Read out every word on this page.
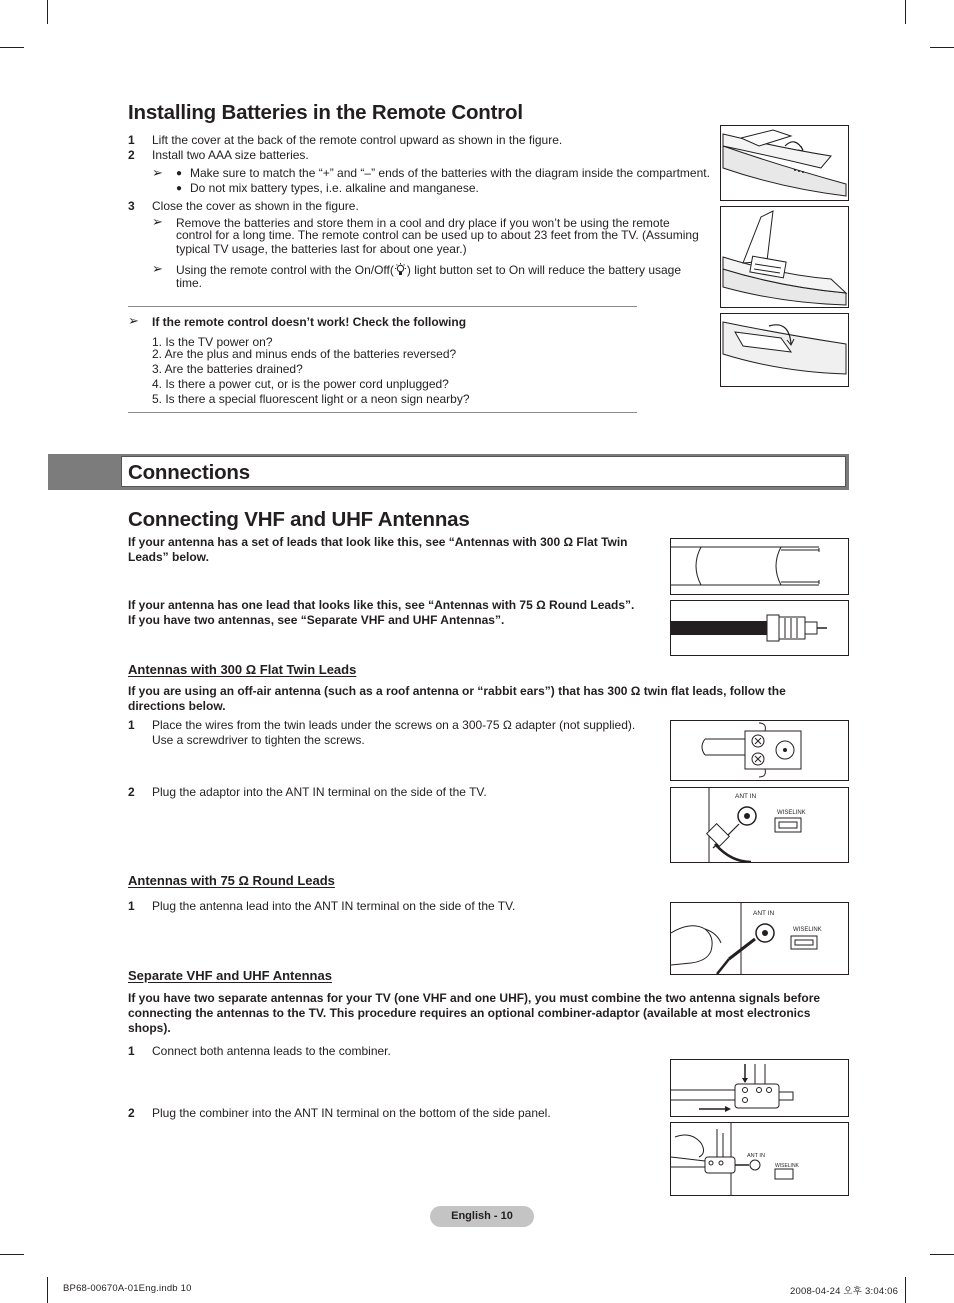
Installing Batteries in the Remote Control
1 Lift the cover at the back of the remote control upward as shown in the figure.
2 Install two AAA size batteries.
➢ ● Make sure to match the “+” and “–” ends of the batteries with the diagram inside the compartment.
● Do not mix battery types, i.e. alkaline and manganese.
3 Close the cover as shown in the figure.
➢ Remove the batteries and store them in a cool and dry place if you won’t be using the remote
control for a long time. The remote control can be used up to about 23 feet from the TV. (Assuming
typical TV usage, the batteries last for about one year.)
➢ Using the remote control with the On/Off( ) light button set to On will reduce the battery usage
time.
➢ If the remote control doesn’t work! Check the following
1. Is the TV power on?
2. Are the plus and minus ends of the batteries reversed?
3. Are the batteries drained?
4. Is there a power cut, or is the power cord unplugged?
5. Is there a special fluorescent light or a neon sign nearby?
Connections
Connecting VHF and UHF Antennas
If your antenna has a set of leads that look like this, see “Antennas with 300 Ω Flat Twin
Leads” below.
If your antenna has one lead that looks like this, see “Antennas with 75 Ω Round Leads”.
If you have two antennas, see “Separate VHF and UHF Antennas”.
Antennas with 300 Ω Flat Twin Leads
If you are using an off-air antenna (such as a roof antenna or “rabbit ears”) that has 300 Ω twin flat leads, follow the
directions below.
1 Place the wires from the twin leads under the screws on a 300-75 Ω adapter (not supplied).
Use a screwdriver to tighten the screws.
2 Plug the adaptor into the ANT IN terminal on the side of the TV.	ANT IN
WISELINK
Antennas with 75 Ω Round Leads
1 Plug the antenna lead into the ANT IN terminal on the side of the TV.
ANT IN
WISELINK
Separate VHF and UHF Antennas
If you have two separate antennas for your TV (one VHF and one UHF), you must combine the two antenna signals before
connecting the antennas to the TV. This procedure requires an optional combiner-adaptor (available at most electronics
shops).
1 Connect both antenna leads to the combiner.
2 Plug the combiner into the ANT IN terminal on the bottom of the side panel.
ANT IN
WISELINK
English - 10
BP68-00670A-01Eng.indb 10	2008-04-24 오후 3:04:06
